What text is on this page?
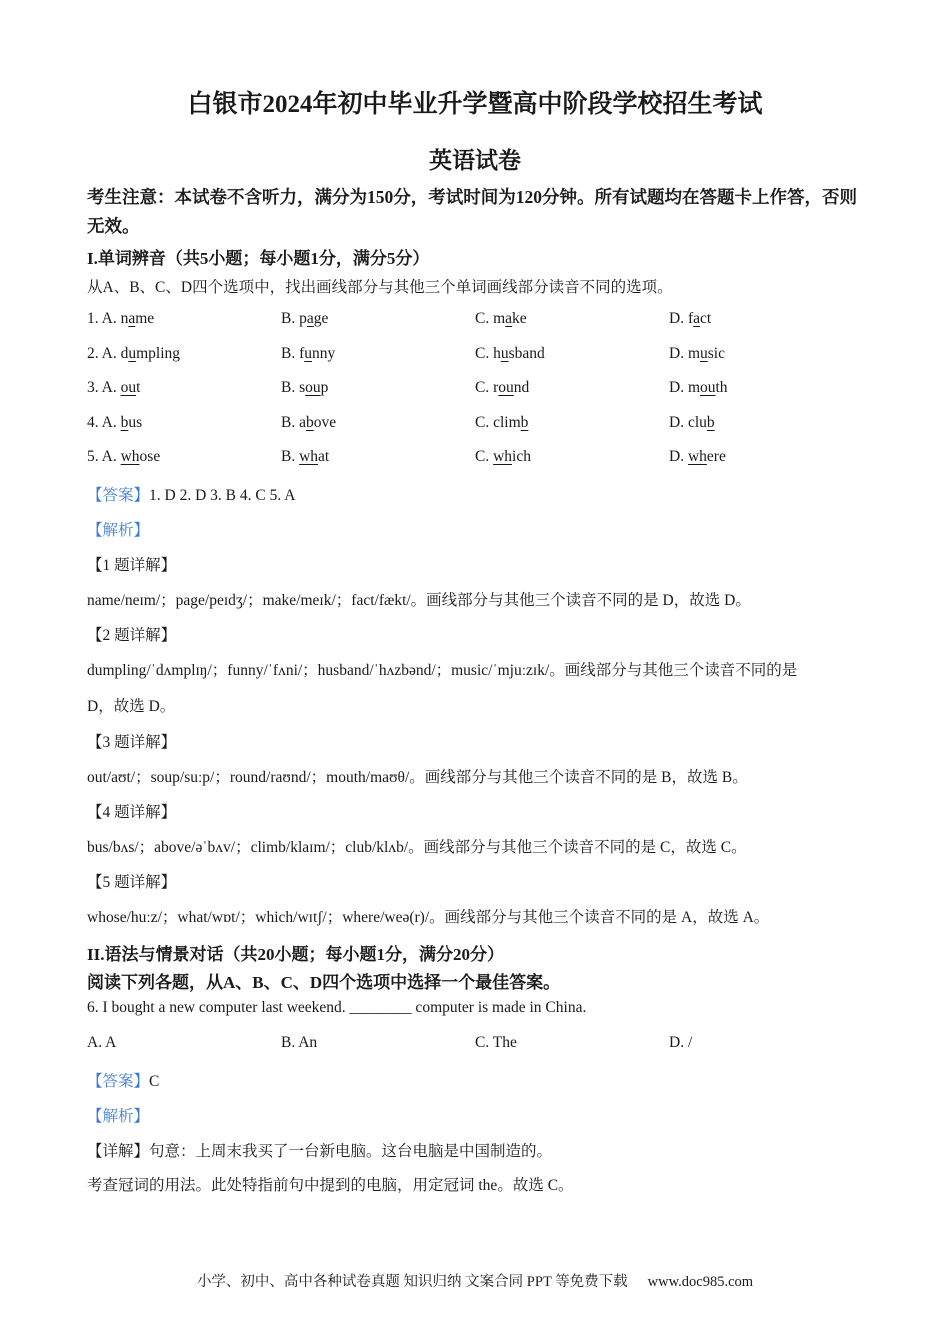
白银市2024年初中毕业升学暨高中阶段学校招生考试
英语试卷
考生注意：本试卷不含听力，满分为150分，考试时间为120分钟。所有试题均在答题卡上作答，否则无效。
I.单词辨音（共5小题；每小题1分，满分5分）
从A、B、C、D四个选项中，找出画线部分与其他三个单词画线部分读音不同的选项。
1. A. name	B. page	C. make	D. fact
2. A. dumpling	B. funny	C. husband	D. music
3. A. out	B. soup	C. round	D. mouth
4. A. bus	B. above	C. climb	D. club
5. A. whose	B. what	C. which	D. where
【答案】1. D 2. D 3. B 4. C 5. A
【解析】
【1 题详解】
name/neɪm/；page/peɪdʒ/；make/meɪk/；fact/fækt/。画线部分与其他三个读音不同的是 D，故选 D。
【2 题详解】
dumpling/ˈdʌmplɪŋ/；funny/ˈfʌni/；husband/ˈhʌzbənd/；music/ˈmjuːzɪk/。画线部分与其他三个读音不同的是
D，故选 D。
【3 题详解】
out/aʊt/；soup/suːp/；round/raʊnd/；mouth/maʊθ/。画线部分与其他三个读音不同的是 B，故选 B。
【4 题详解】
bus/bʌs/；above/əˈbʌv/；climb/klaɪm/；club/klʌb/。画线部分与其他三个读音不同的是 C，故选 C。
【5 题详解】
whose/huːz/；what/wɒt/；which/wɪtʃ/；where/weə(r)/。画线部分与其他三个读音不同的是 A，故选 A。
II.语法与情景对话（共20小题；每小题1分，满分20分）
阅读下列各题，从A、B、C、D四个选项中选择一个最佳答案。
6. I bought a new computer last weekend. ________ computer is made in China.
A. A	B. An	C. The	D. /
【答案】C
【解析】
【详解】句意：上周末我买了一台新电脑。这台电脑是中国制造的。
考查冠词的用法。此处特指前句中提到的电脑，用定冠词 the。故选 C。
小学、初中、高中各种试卷真题 知识归纳 文案合同 PPT 等免费下载 www.doc985.com
